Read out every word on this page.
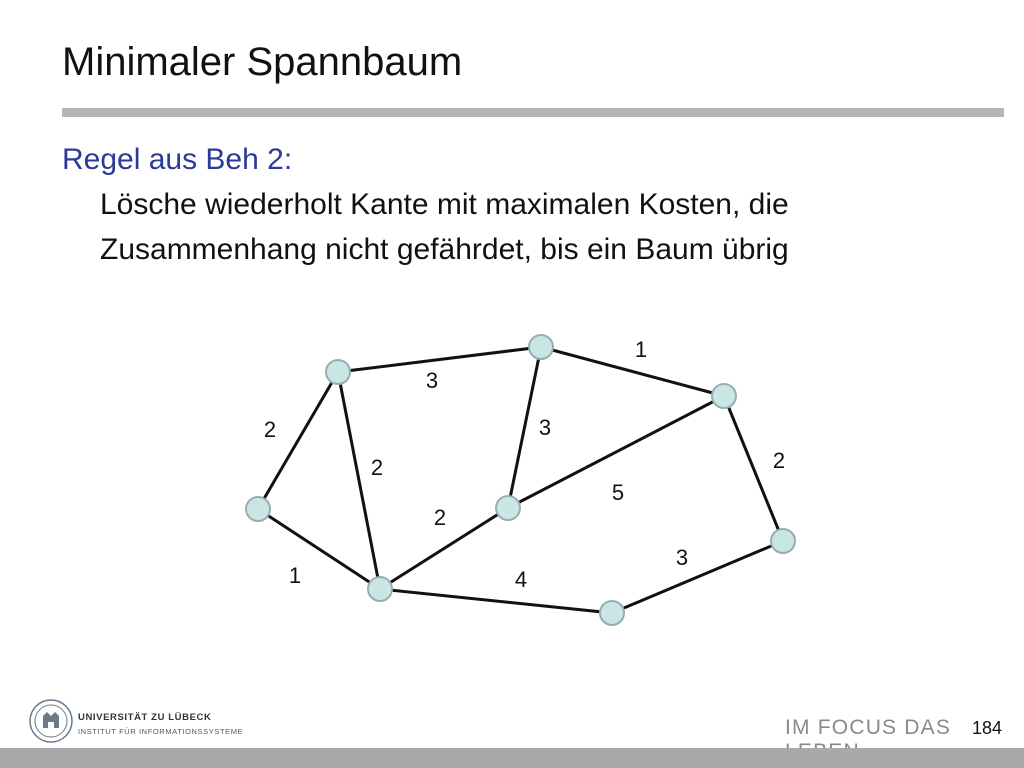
Minimaler Spannbaum
Regel aus Beh 2:
Lösche wiederholt Kante mit maximalen Kosten, die
Zusammenhang nicht gefährdet, bis ein Baum übrig
3
1
2
2
3
5
2
1
2
4
3
UNIVERSITÄT ZU LÜBECK
INSTITUT FÜR INFORMATIONSSYSTEME	IM FOCUS DAS	184
